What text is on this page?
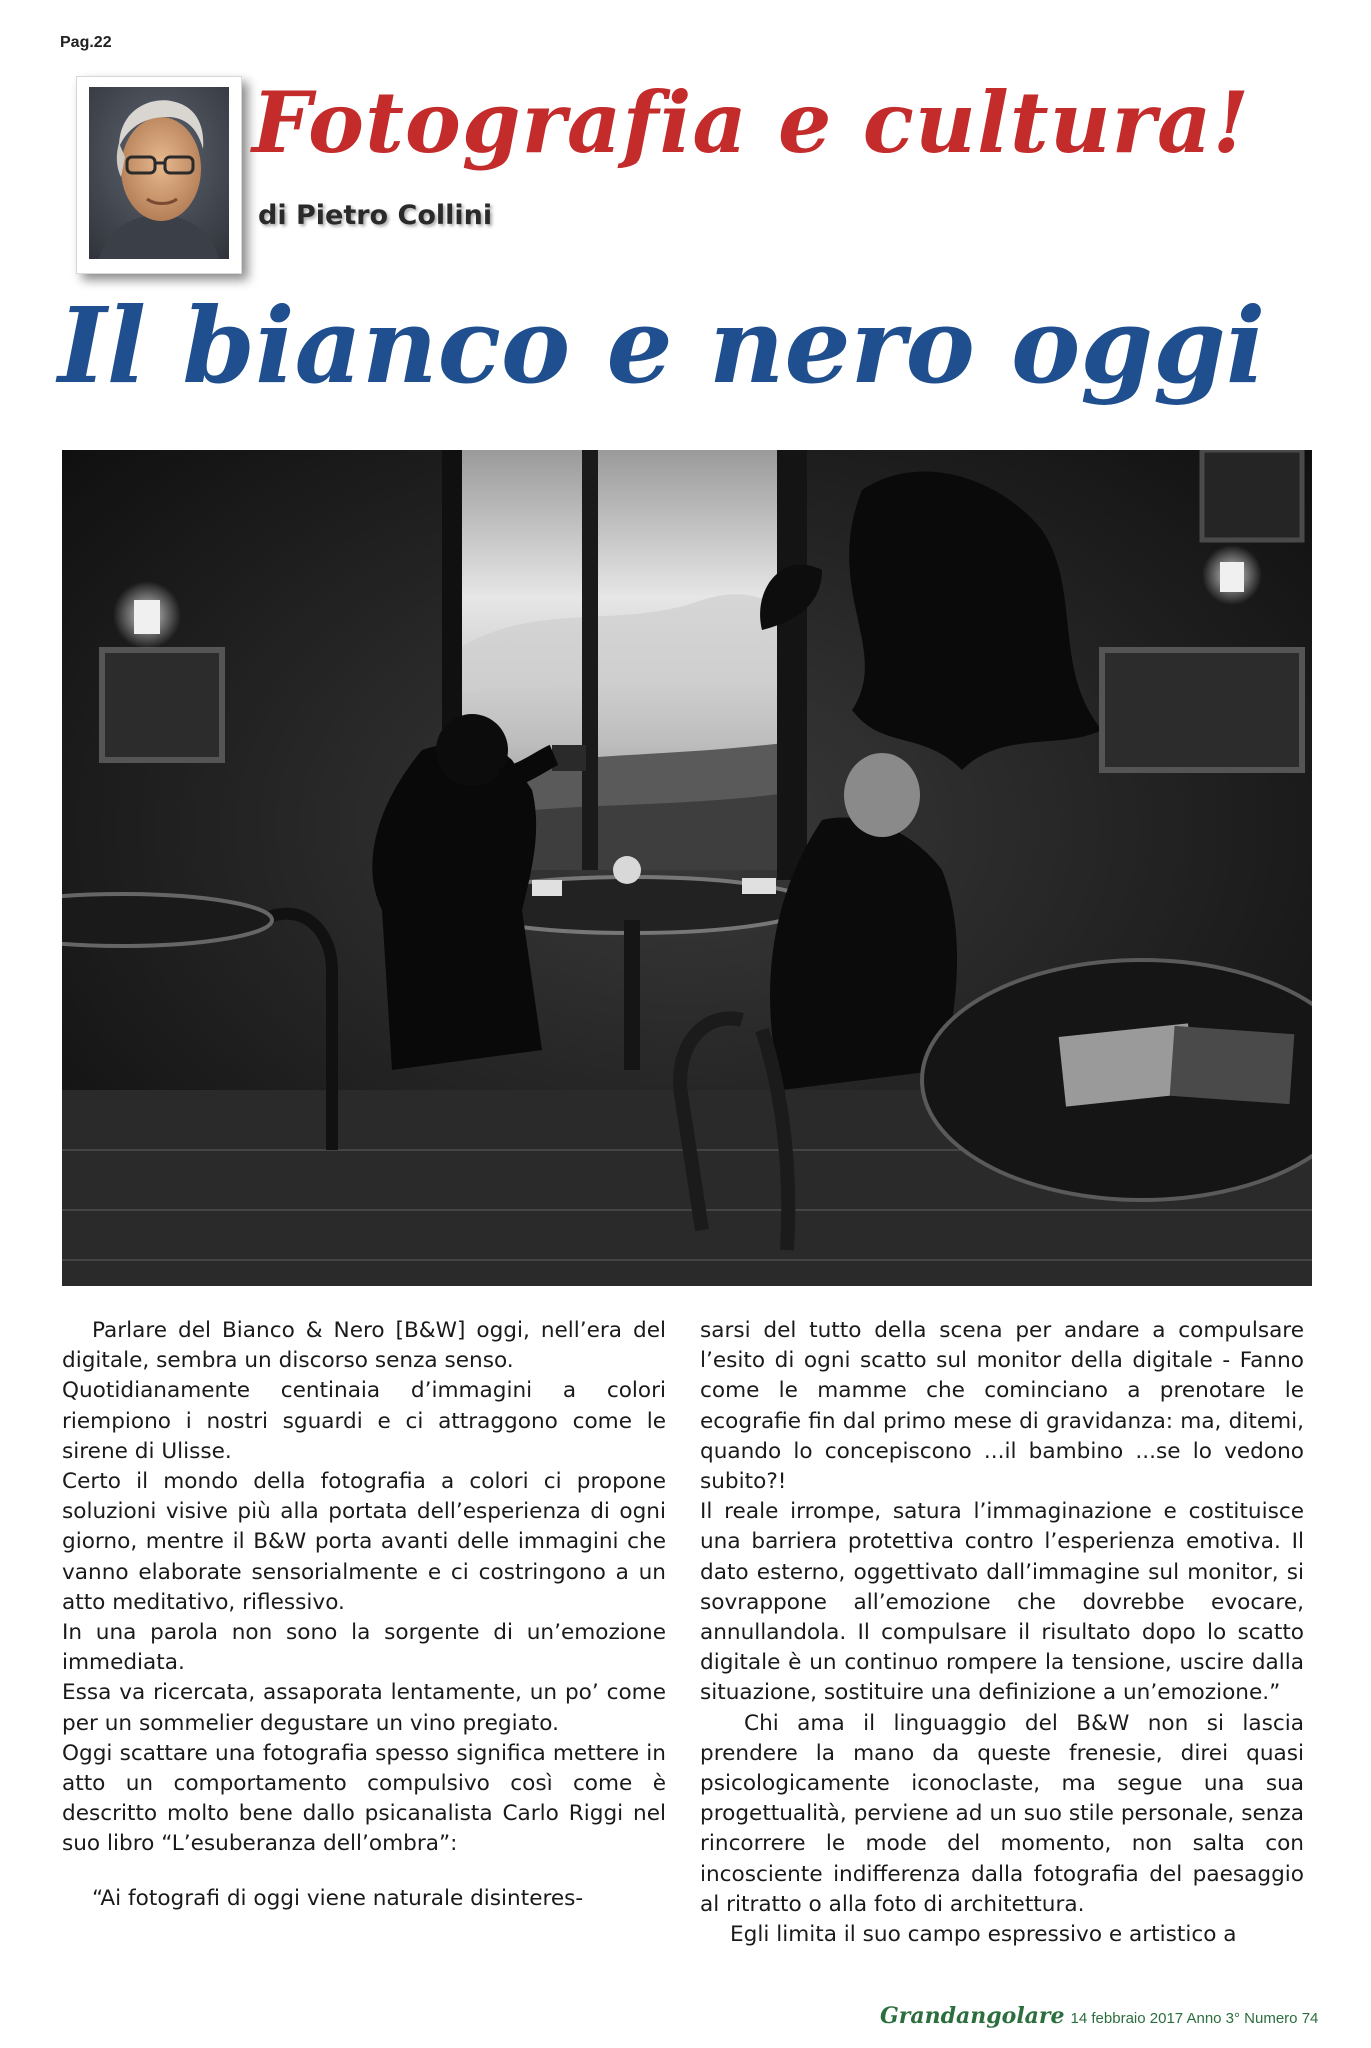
Pag.22
Fotografia e cultura!
di Pietro Collini
Il bianco e nero oggi

Parlare del Bianco & Nero [B&W] oggi, nell’era del digitale, sembra un discorso senza senso.

Quotidianamente centinaia d’immagini a colori riempiono i nostri sguardi e ci attraggono come le sirene di Ulisse.

Certo il mondo della fotografia a colori ci propone soluzioni visive più alla portata dell’esperienza di ogni giorno, mentre il B&W porta avanti delle immagini che vanno elaborate sensorialmente e ci costringono a un atto meditativo, riflessivo.

In una parola non sono la sorgente di un’emozione immediata.

Essa va ricercata, assaporata lentamente, un po’ come per un sommelier degustare un vino pregiato.

Oggi scattare una fotografia spesso significa mettere in atto un comportamento compulsivo così come è descritto molto bene dallo psicanalista Carlo Riggi nel suo libro “L’esuberanza dell’ombra”:

“Ai fotografi di oggi viene naturale disinteres-

sarsi del tutto della scena per andare a compulsare l’esito di ogni scatto sul monitor della digitale - Fanno come le mamme che cominciano a prenotare le ecografie fin dal primo mese di gravidanza: ma, ditemi, quando lo concepiscono ...il bambino ...se lo vedono subito?!

Il reale irrompe, satura l’immaginazione e costituisce una barriera protettiva contro l’esperienza emotiva. Il dato esterno, oggettivato dall’immagine sul monitor, si sovrappone all’emozione che dovrebbe evocare, annullandola. Il compulsare il risultato dopo lo scatto digitale è un continuo rompere la tensione, uscire dalla situazione, sostituire una definizione a un’emozione.”

Chi ama il linguaggio del B&W non si lascia prendere la mano da queste frenesie, direi quasi psicologicamente iconoclaste, ma segue una sua progettualità, perviene ad un suo stile personale, senza rincorrere le mode del momento, non salta con incosciente indifferenza dalla fotografia del paesaggio al ritratto o alla foto di architettura.

Egli limita il suo campo espressivo e artistico a

Grandangolare 14 febbraio 2017 Anno 3° Numero 74
